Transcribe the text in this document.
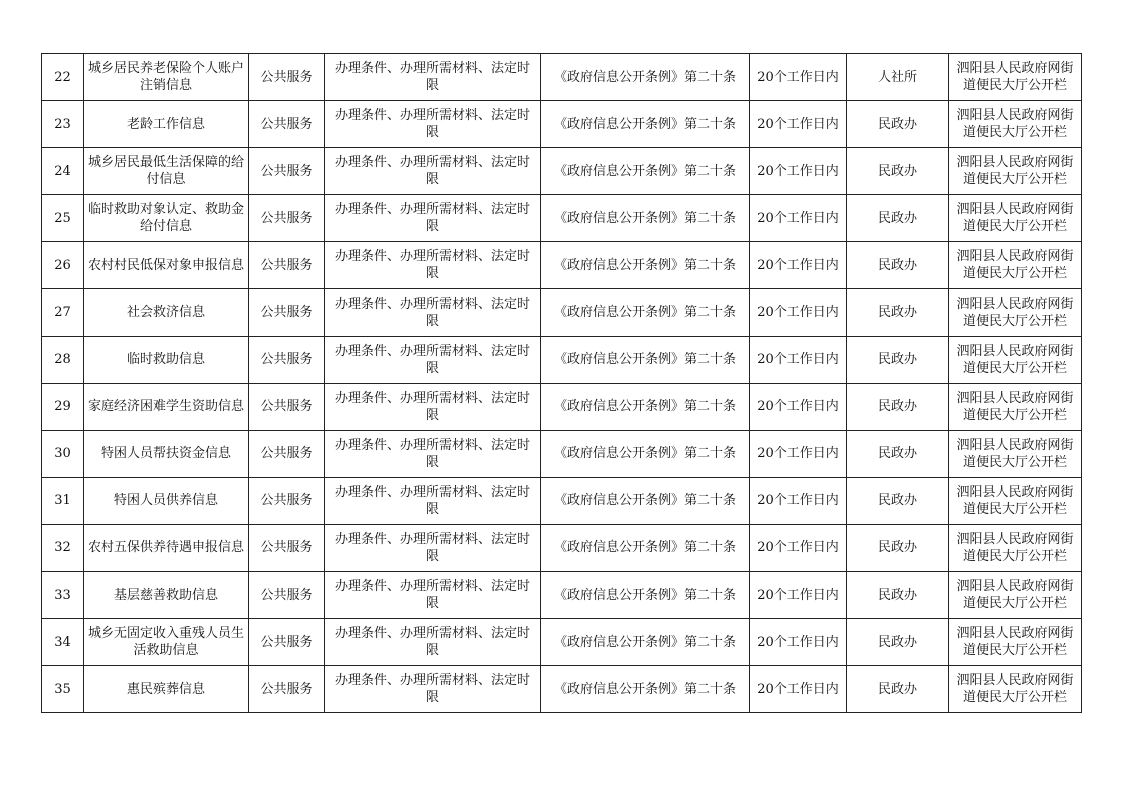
22	城乡居民养老保险个人账户注销信息	公共服务	办理条件、办理所需材料、法定时限	《政府信息公开条例》第二十条	20个工作日内	人社所	泗阳县人民政府网街道便民大厅公开栏
23	老龄工作信息	公共服务	办理条件、办理所需材料、法定时限	《政府信息公开条例》第二十条	20个工作日内	民政办	泗阳县人民政府网街道便民大厅公开栏
24	城乡居民最低生活保障的给付信息	公共服务	办理条件、办理所需材料、法定时限	《政府信息公开条例》第二十条	20个工作日内	民政办	泗阳县人民政府网街道便民大厅公开栏
25	临时救助对象认定、救助金给付信息	公共服务	办理条件、办理所需材料、法定时限	《政府信息公开条例》第二十条	20个工作日内	民政办	泗阳县人民政府网街道便民大厅公开栏
26	农村村民低保对象申报信息	公共服务	办理条件、办理所需材料、法定时限	《政府信息公开条例》第二十条	20个工作日内	民政办	泗阳县人民政府网街道便民大厅公开栏
27	社会救济信息	公共服务	办理条件、办理所需材料、法定时限	《政府信息公开条例》第二十条	20个工作日内	民政办	泗阳县人民政府网街道便民大厅公开栏
28	临时救助信息	公共服务	办理条件、办理所需材料、法定时限	《政府信息公开条例》第二十条	20个工作日内	民政办	泗阳县人民政府网街道便民大厅公开栏
29	家庭经济困难学生资助信息	公共服务	办理条件、办理所需材料、法定时限	《政府信息公开条例》第二十条	20个工作日内	民政办	泗阳县人民政府网街道便民大厅公开栏
30	特困人员帮扶资金信息	公共服务	办理条件、办理所需材料、法定时限	《政府信息公开条例》第二十条	20个工作日内	民政办	泗阳县人民政府网街道便民大厅公开栏
31	特困人员供养信息	公共服务	办理条件、办理所需材料、法定时限	《政府信息公开条例》第二十条	20个工作日内	民政办	泗阳县人民政府网街道便民大厅公开栏
32	农村五保供养待遇申报信息	公共服务	办理条件、办理所需材料、法定时限	《政府信息公开条例》第二十条	20个工作日内	民政办	泗阳县人民政府网街道便民大厅公开栏
33	基层慈善救助信息	公共服务	办理条件、办理所需材料、法定时限	《政府信息公开条例》第二十条	20个工作日内	民政办	泗阳县人民政府网街道便民大厅公开栏
34	城乡无固定收入重残人员生活救助信息	公共服务	办理条件、办理所需材料、法定时限	《政府信息公开条例》第二十条	20个工作日内	民政办	泗阳县人民政府网街道便民大厅公开栏
35	惠民殡葬信息	公共服务	办理条件、办理所需材料、法定时限	《政府信息公开条例》第二十条	20个工作日内	民政办	泗阳县人民政府网街道便民大厅公开栏
